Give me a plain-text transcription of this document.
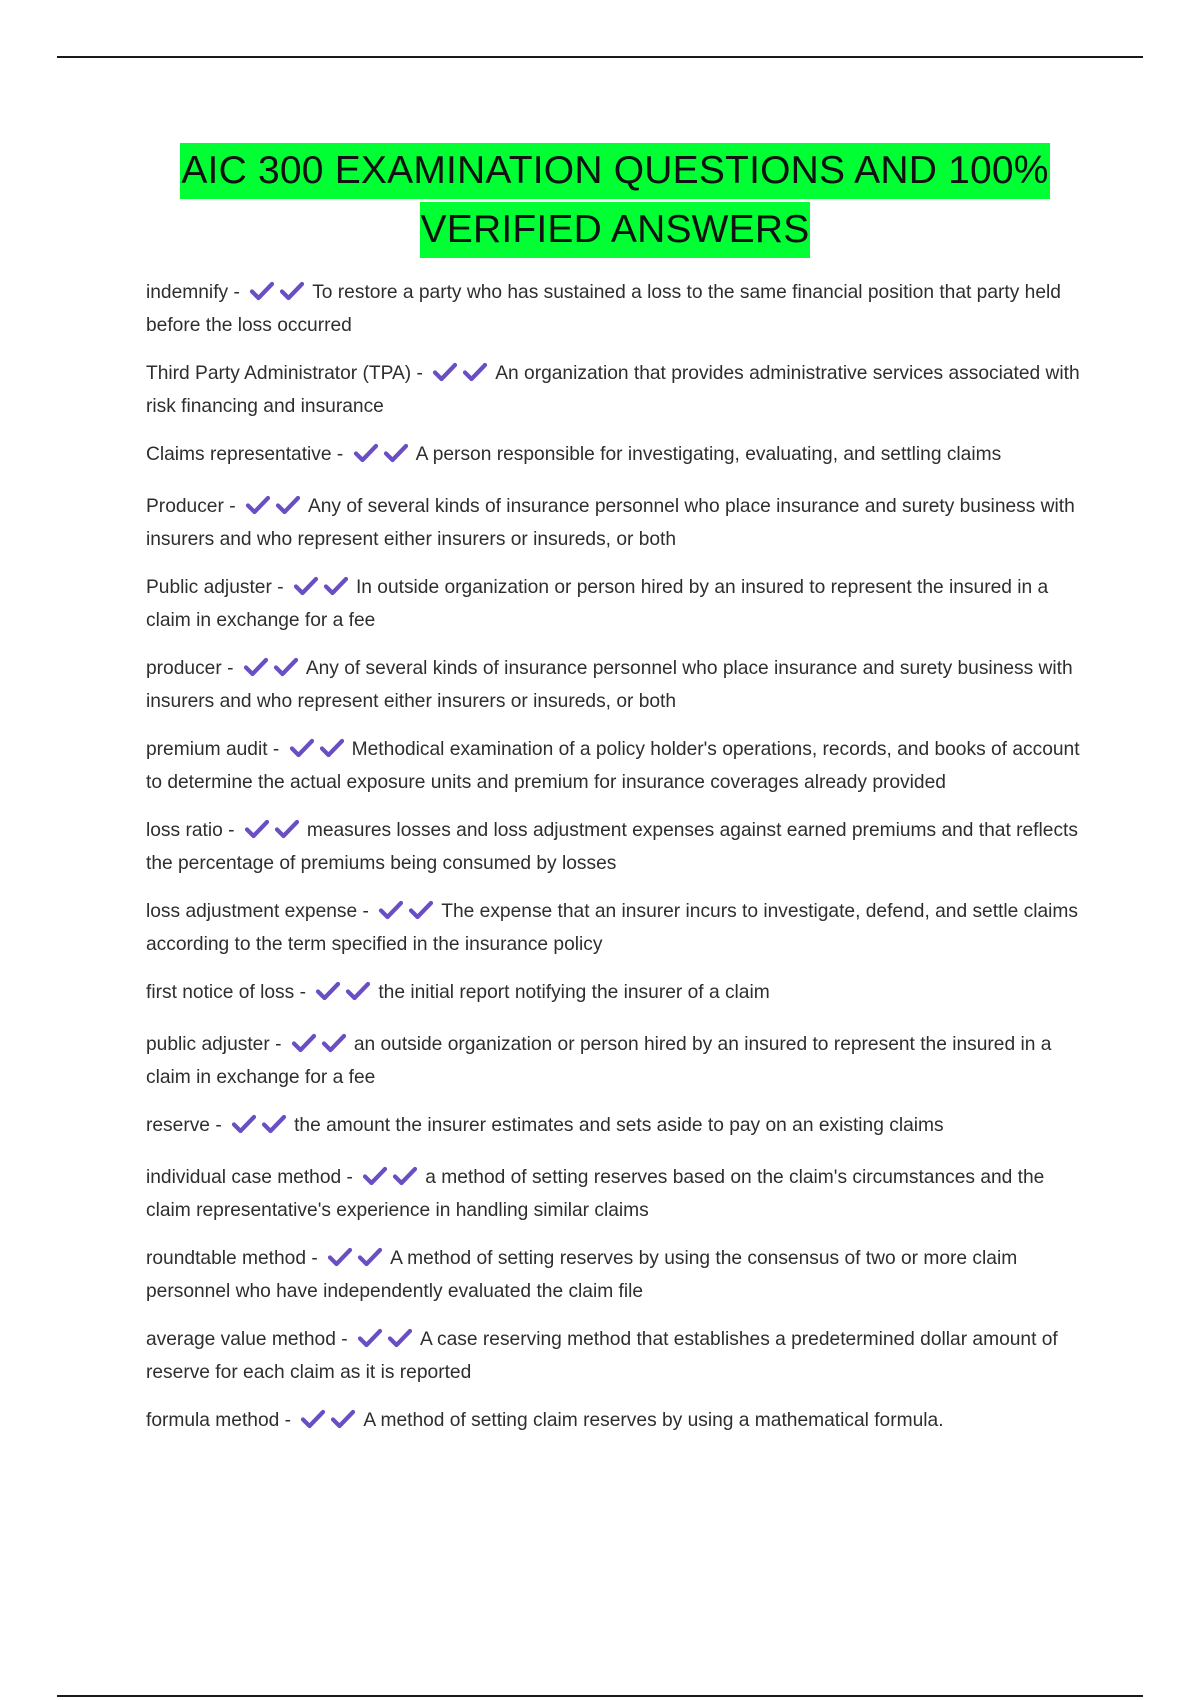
AIC 300 EXAMINATION QUESTIONS AND 100%
VERIFIED ANSWERS

indemnify -	To restore a party who has sustained a loss to the same financial position that party held before the loss occurred

Third Party Administrator (TPA) -	An organization that provides administrative services associated with risk financing and insurance

Claims representative -	A person responsible for investigating, evaluating, and settling claims

Producer -	Any of several kinds of insurance personnel who place insurance and surety business with insurers and who represent either insurers or insureds, or both

Public adjuster -	In outside organization or person hired by an insured to represent the insured in a claim in exchange for a fee

producer -	Any of several kinds of insurance personnel who place insurance and surety business with insurers and who represent either insurers or insureds, or both

premium audit -	Methodical examination of a policy holder's operations, records, and books of account to determine the actual exposure units and premium for insurance coverages already provided

loss ratio -	measures losses and loss adjustment expenses against earned premiums and that reflects the percentage of premiums being consumed by losses

loss adjustment expense -	The expense that an insurer incurs to investigate, defend, and settle claims according to the term specified in the insurance policy

first notice of loss -	the initial report notifying the insurer of a claim

public adjuster -	an outside organization or person hired by an insured to represent the insured in a claim in exchange for a fee

reserve -	the amount the insurer estimates and sets aside to pay on an existing claims

individual case method -	a method of setting reserves based on the claim's circumstances and the claim representative's experience in handling similar claims

roundtable method -	A method of setting reserves by using the consensus of two or more claim personnel who have independently evaluated the claim file

average value method -	A case reserving method that establishes a predetermined dollar amount of reserve for each claim as it is reported

formula method -	A method of setting claim reserves by using a mathematical formula.
